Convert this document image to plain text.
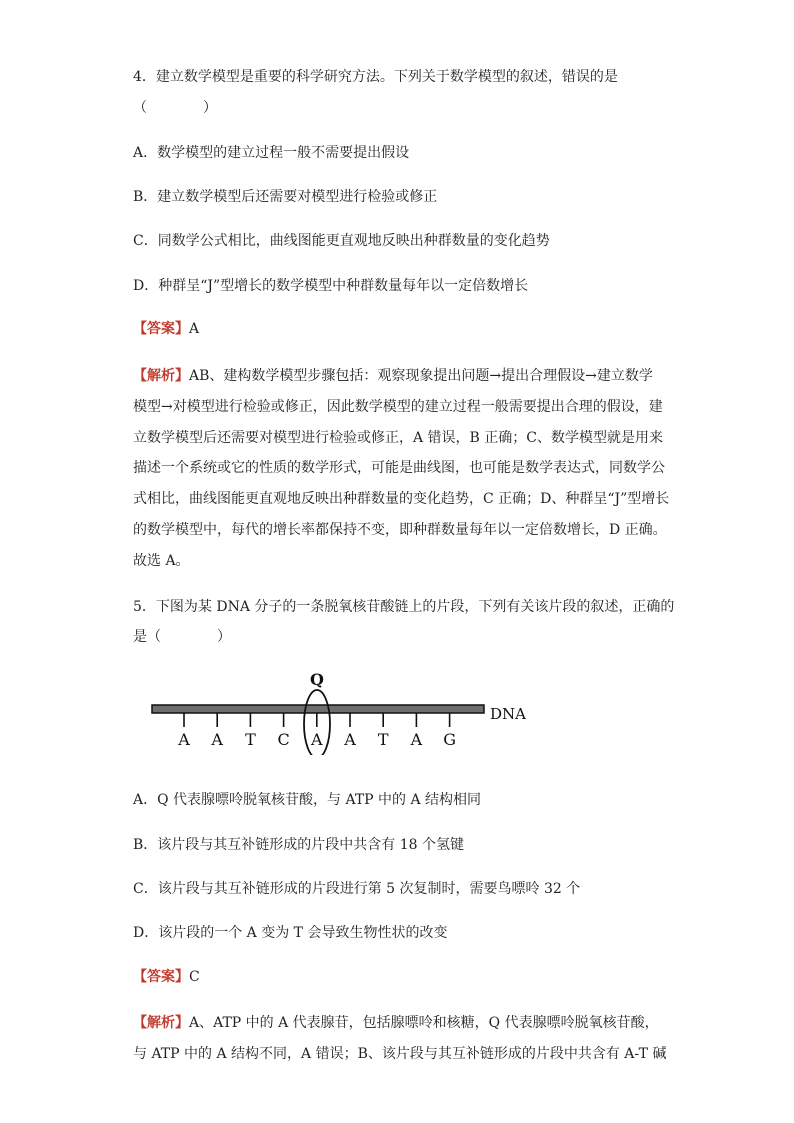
4．建立数学模型是重要的科学研究方法。下列关于数学模型的叙述，错误的是
（	）
A．数学模型的建立过程一般不需要提出假设
B．建立数学模型后还需要对模型进行检验或修正
C．同数学公式相比，曲线图能更直观地反映出种群数量的变化趋势
D．种群呈“J”型增长的数学模型中种群数量每年以一定倍数增长
【答案】A
【解析】AB、建构数学模型步骤包括：观察现象提出问题→提出合理假设→建立数学
模型→对模型进行检验或修正，因此数学模型的建立过程一般需要提出合理的假设，建
立数学模型后还需要对模型进行检验或修正，A 错误，B 正确；C、数学模型就是用来
描述一个系统或它的性质的数学形式，可能是曲线图，也可能是数学表达式，同数学公
式相比，曲线图能更直观地反映出种群数量的变化趋势，C 正确；D、种群呈“J”型增长
的数学模型中，每代的增长率都保持不变，即种群数量每年以一定倍数增长，D 正确。
故选 A。
5．下图为某 DNA 分子的一条脱氧核苷酸链上的片段，下列有关该片段的叙述，正确的
是（	）
Q
DNA
A A T C A A T A G
A．Q 代表腺嘌呤脱氧核苷酸，与 ATP 中的 A 结构相同
B．该片段与其互补链形成的片段中共含有 18 个氢键
C．该片段与其互补链形成的片段进行第 5 次复制时，需要鸟嘌呤 32 个
D．该片段的一个 A 变为 T 会导致生物性状的改变
【答案】C
【解析】A、ATP 中的 A 代表腺苷，包括腺嘌呤和核糖，Q 代表腺嘌呤脱氧核苷酸，
与 ATP 中的 A 结构不同，A 错误；B、该片段与其互补链形成的片段中共含有 A-T 碱
